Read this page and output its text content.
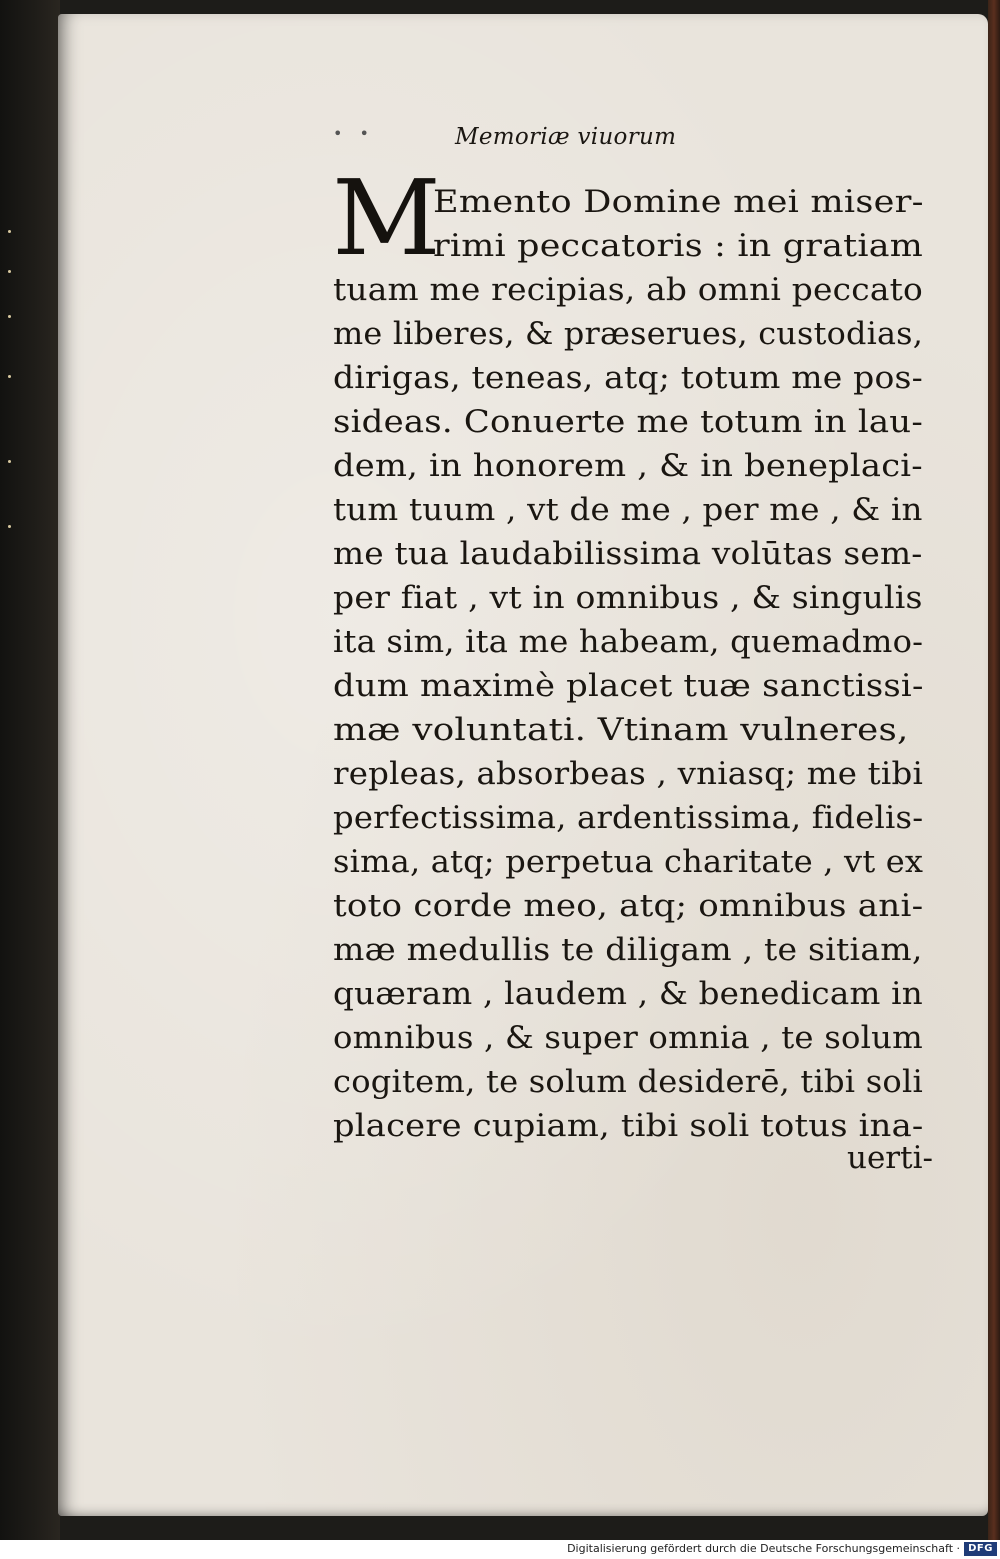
• •	Memoriæ viuorum
M
Emento Domine mei miser-
rimi peccatoris : in gratiam
tuam me recipias, ab omni peccato
me liberes, & præserues, custodias,
dirigas, teneas, atq; totum me pos-
sideas. Conuerte me totum in lau-
dem, in honorem , & in beneplaci-
tum tuum , vt de me , per me , & in
me tua laudabilissima volūtas sem-
per fiat , vt in omnibus , & singulis
ita sim, ita me habeam, quemadmo-
dum maximè placet tuæ sanctissi-
mæ voluntati. Vtinam vulneres,
repleas, absorbeas , vniasq; me tibi
perfectissima, ardentissima, fidelis-
sima, atq; perpetua charitate , vt ex
toto corde meo, atq; omnibus ani-
mæ medullis te diligam , te sitiam,
quæram , laudem , & benedicam in
omnibus , & super omnia , te solum
cogitem, te solum desiderē, tibi soli
placere cupiam, tibi soli totus ina-
uerti-
Digitalisierung gefördert durch die Deutsche Forschungsgemeinschaft · DFG
